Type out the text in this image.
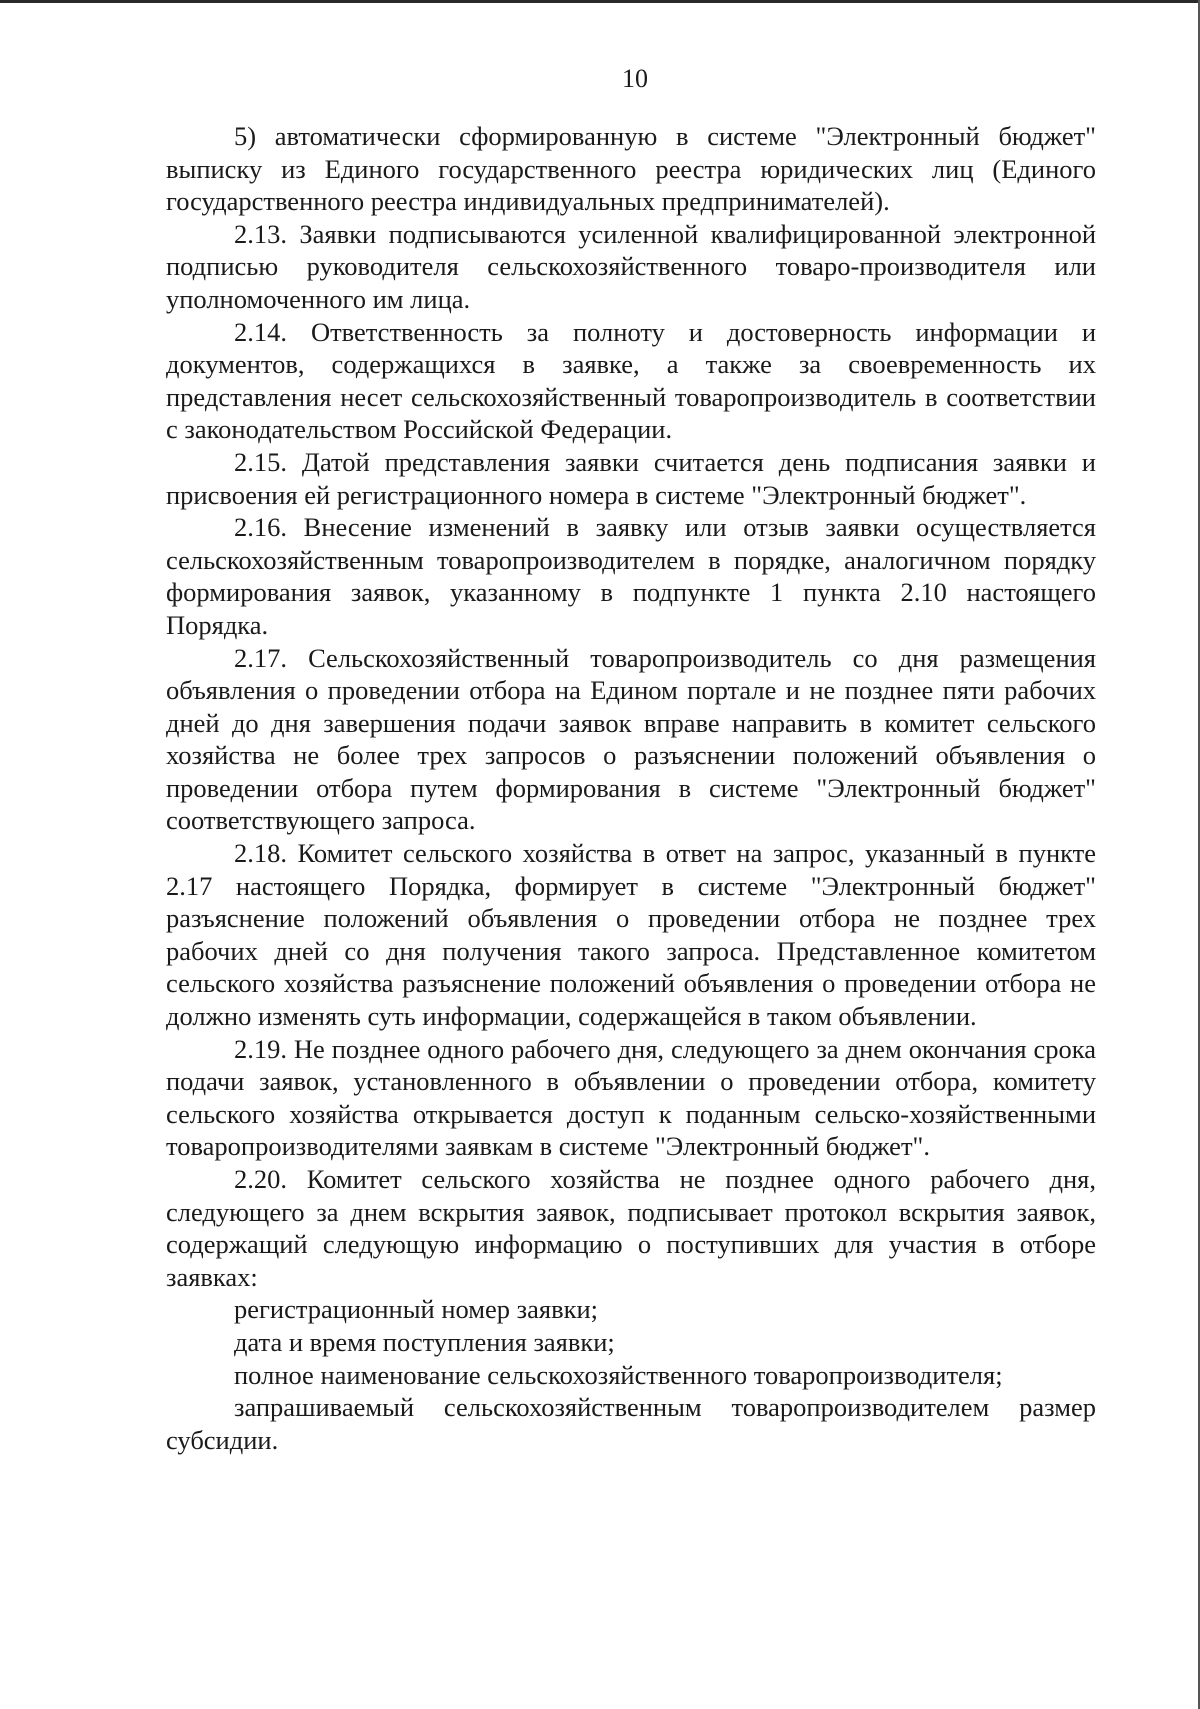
10

5) автоматически сформированную в системе "Электронный бюджет" выписку из Единого государственного реестра юридических лиц (Единого государственного реестра индивидуальных предпринимателей).

2.13. Заявки подписываются усиленной квалифицированной электронной подписью руководителя сельскохозяйственного товаро-производителя или уполномоченного им лица.

2.14. Ответственность за полноту и достоверность информации и документов, содержащихся в заявке, а также за своевременность их представления несет сельскохозяйственный товаропроизводитель в соответствии с законодательством Российской Федерации.

2.15. Датой представления заявки считается день подписания заявки и присвоения ей регистрационного номера в системе "Электронный бюджет".

2.16. Внесение изменений в заявку или отзыв заявки осуществляется сельскохозяйственным товаропроизводителем в порядке, аналогичном порядку формирования заявок, указанному в подпункте 1 пункта 2.10 настоящего Порядка.

2.17. Сельскохозяйственный товаропроизводитель со дня размещения объявления о проведении отбора на Едином портале и не позднее пяти рабочих дней до дня завершения подачи заявок вправе направить в комитет сельского хозяйства не более трех запросов о разъяснении положений объявления о проведении отбора путем формирования в системе "Электронный бюджет" соответствующего запроса.

2.18. Комитет сельского хозяйства в ответ на запрос, указанный в пункте 2.17 настоящего Порядка, формирует в системе "Электронный бюджет" разъяснение положений объявления о проведении отбора не позднее трех рабочих дней со дня получения такого запроса. Представленное комитетом сельского хозяйства разъяснение положений объявления о проведении отбора не должно изменять суть информации, содержащейся в таком объявлении.

2.19. Не позднее одного рабочего дня, следующего за днем окончания срока подачи заявок, установленного в объявлении о проведении отбора, комитету сельского хозяйства открывается доступ к поданным сельско-хозяйственными товаропроизводителями заявкам в системе "Электронный бюджет".

2.20. Комитет сельского хозяйства не позднее одного рабочего дня, следующего за днем вскрытия заявок, подписывает протокол вскрытия заявок, содержащий следующую информацию о поступивших для участия в отборе заявках:

регистрационный номер заявки;

дата и время поступления заявки;

полное наименование сельскохозяйственного товаропроизводителя;

запрашиваемый сельскохозяйственным товаропроизводителем размер субсидии.
